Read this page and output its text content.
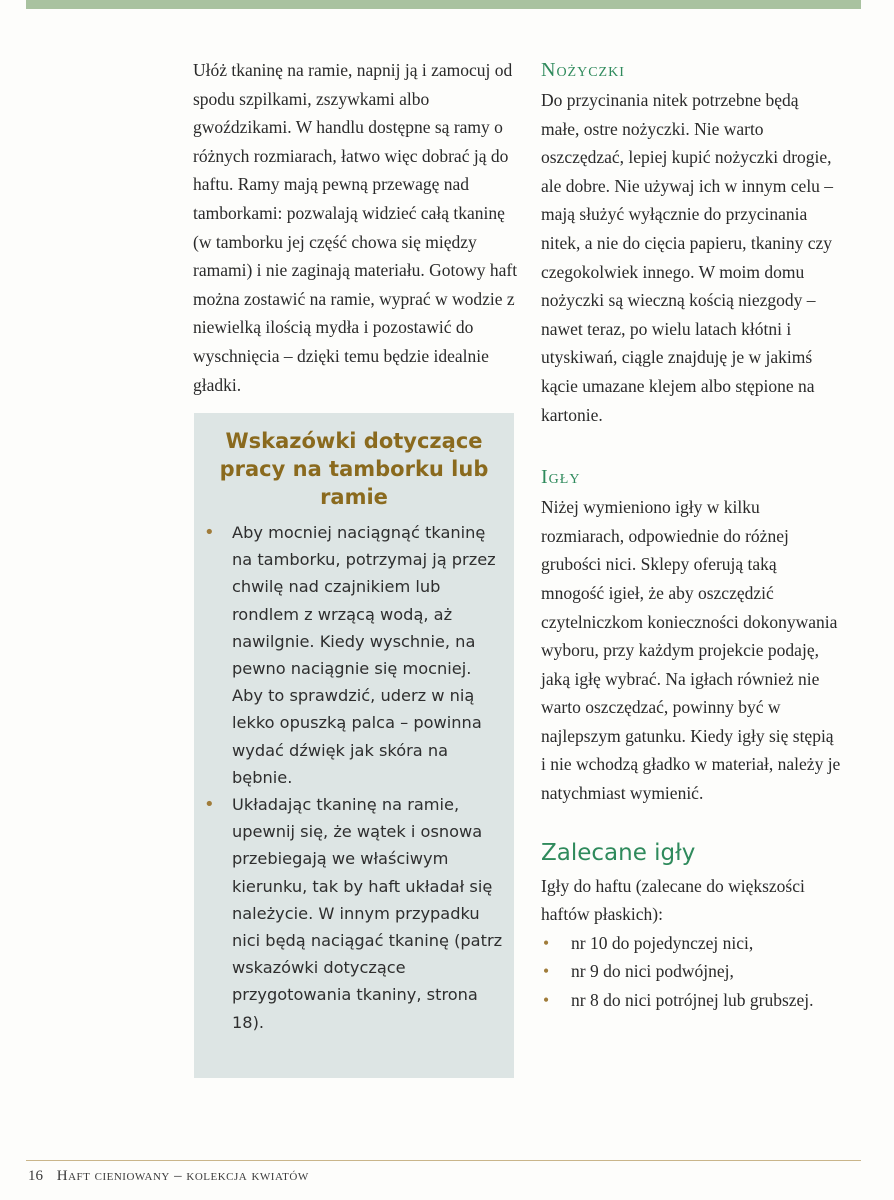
Ułóż tkaninę na ramie, napnij ją i zamocuj od spodu szpilkami, zszywkami albo gwoździkami. W handlu dostępne są ramy o różnych rozmiarach, łatwo więc dobrać ją do haftu. Ramy mają pewną przewagę nad tamborkami: pozwalają widzieć całą tkaninę (w tamborku jej część chowa się między ramami) i nie zaginają materiału. Gotowy haft można zostawić na ramie, wyprać w wodzie z niewielką ilością mydła i pozostawić do wyschnięcia – dzięki temu będzie idealnie gładki.

Wskazówki dotyczące pracy na tamborku lub ramie
• Aby mocniej naciągnąć tkaninę na tamborku, potrzymaj ją przez chwilę nad czajnikiem lub rondlem z wrzącą wodą, aż nawilgnie. Kiedy wyschnie, na pewno naciągnie się mocniej. Aby to sprawdzić, uderz w nią lekko opuszką palca – powinna wydać dźwięk jak skóra na bębnie.
• Układając tkaninę na ramie, upewnij się, że wątek i osnowa przebiegają we właściwym kierunku, tak by haft układał się należycie. W innym przypadku nici będą naciągać tkaninę (patrz wskazówki dotyczące przygotowania tkaniny, strona 18).
Nożyczki

Do przycinania nitek potrzebne będą małe, ostre nożyczki. Nie warto oszczędzać, lepiej kupić nożyczki drogie, ale dobre. Nie używaj ich w innym celu – mają służyć wyłącznie do przycinania nitek, a nie do cięcia papieru, tkaniny czy czegokolwiek innego. W moim domu nożyczki są wieczną kością niezgody – nawet teraz, po wielu latach kłótni i utyskiwań, ciągle znajduję je w jakimś kącie umazane klejem albo stępione na kartonie.

Igły

Niżej wymieniono igły w kilku rozmiarach, odpowiednie do różnej grubości nici. Sklepy oferują taką mnogość igieł, że aby oszczędzić czytelniczkom konieczności dokonywania wyboru, przy każdym projekcie podaję, jaką igłę wybrać. Na igłach również nie warto oszczędzać, powinny być w najlepszym gatunku. Kiedy igły się stępią i nie wchodzą gładko w materiał, należy je natychmiast wymienić.

Zalecane igły

Igły do haftu (zalecane do większości haftów płaskich):

• nr 10 do pojedynczej nici,
• nr 9 do nici podwójnej,
• nr 8 do nici potrójnej lub grubszej.
16 Haft cieniowany – kolekcja kwiatów
